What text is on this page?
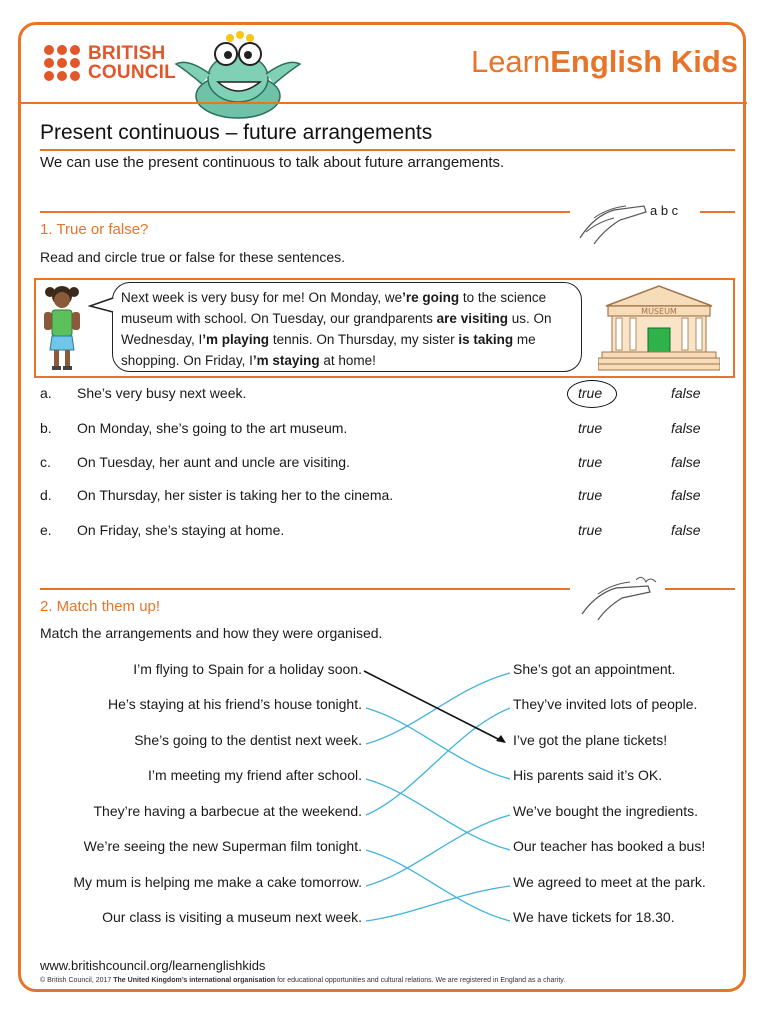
BRITISH
COUNCIL	LearnEnglish Kids
Present continuous – future arrangements
We can use the present continuous to talk about future arrangements.
a b c
1. True or false?
Read and circle true or false for these sentences.
Next week is very busy for me! On Monday, we’re going to the science museum with school. On Tuesday, our grandparents are visiting us. On Wednesday, I’m playing tennis. On Thursday, my sister is taking me shopping. On Friday, I’m staying at home!
MUSEUM
a. She’s very busy next week.	true	false
b. On Monday, she’s going to the art museum.	true	false
c. On Tuesday, her aunt and uncle are visiting.	true	false
d. On Thursday, her sister is taking her to the cinema.	true	false
e. On Friday, she’s staying at home.	true	false
2. Match them up!
Match the arrangements and how they were organised.
I’m flying to Spain for a holiday soon.
He’s staying at his friend’s house tonight.
She’s going to the dentist next week.
I’m meeting my friend after school.
They’re having a barbecue at the weekend.
We’re seeing the new Superman film tonight.
My mum is helping me make a cake tomorrow.
Our class is visiting a museum next week.
She’s got an appointment.
They’ve invited lots of people.
I’ve got the plane tickets!
His parents said it’s OK.
We’ve bought the ingredients.
Our teacher has booked a bus!
We agreed to meet at the park.
We have tickets for 18.30.
www.britishcouncil.org/learnenglishkids
© British Council, 2017 The United Kingdom’s international organisation for educational opportunities and cultural relations. We are registered in England as a charity.
